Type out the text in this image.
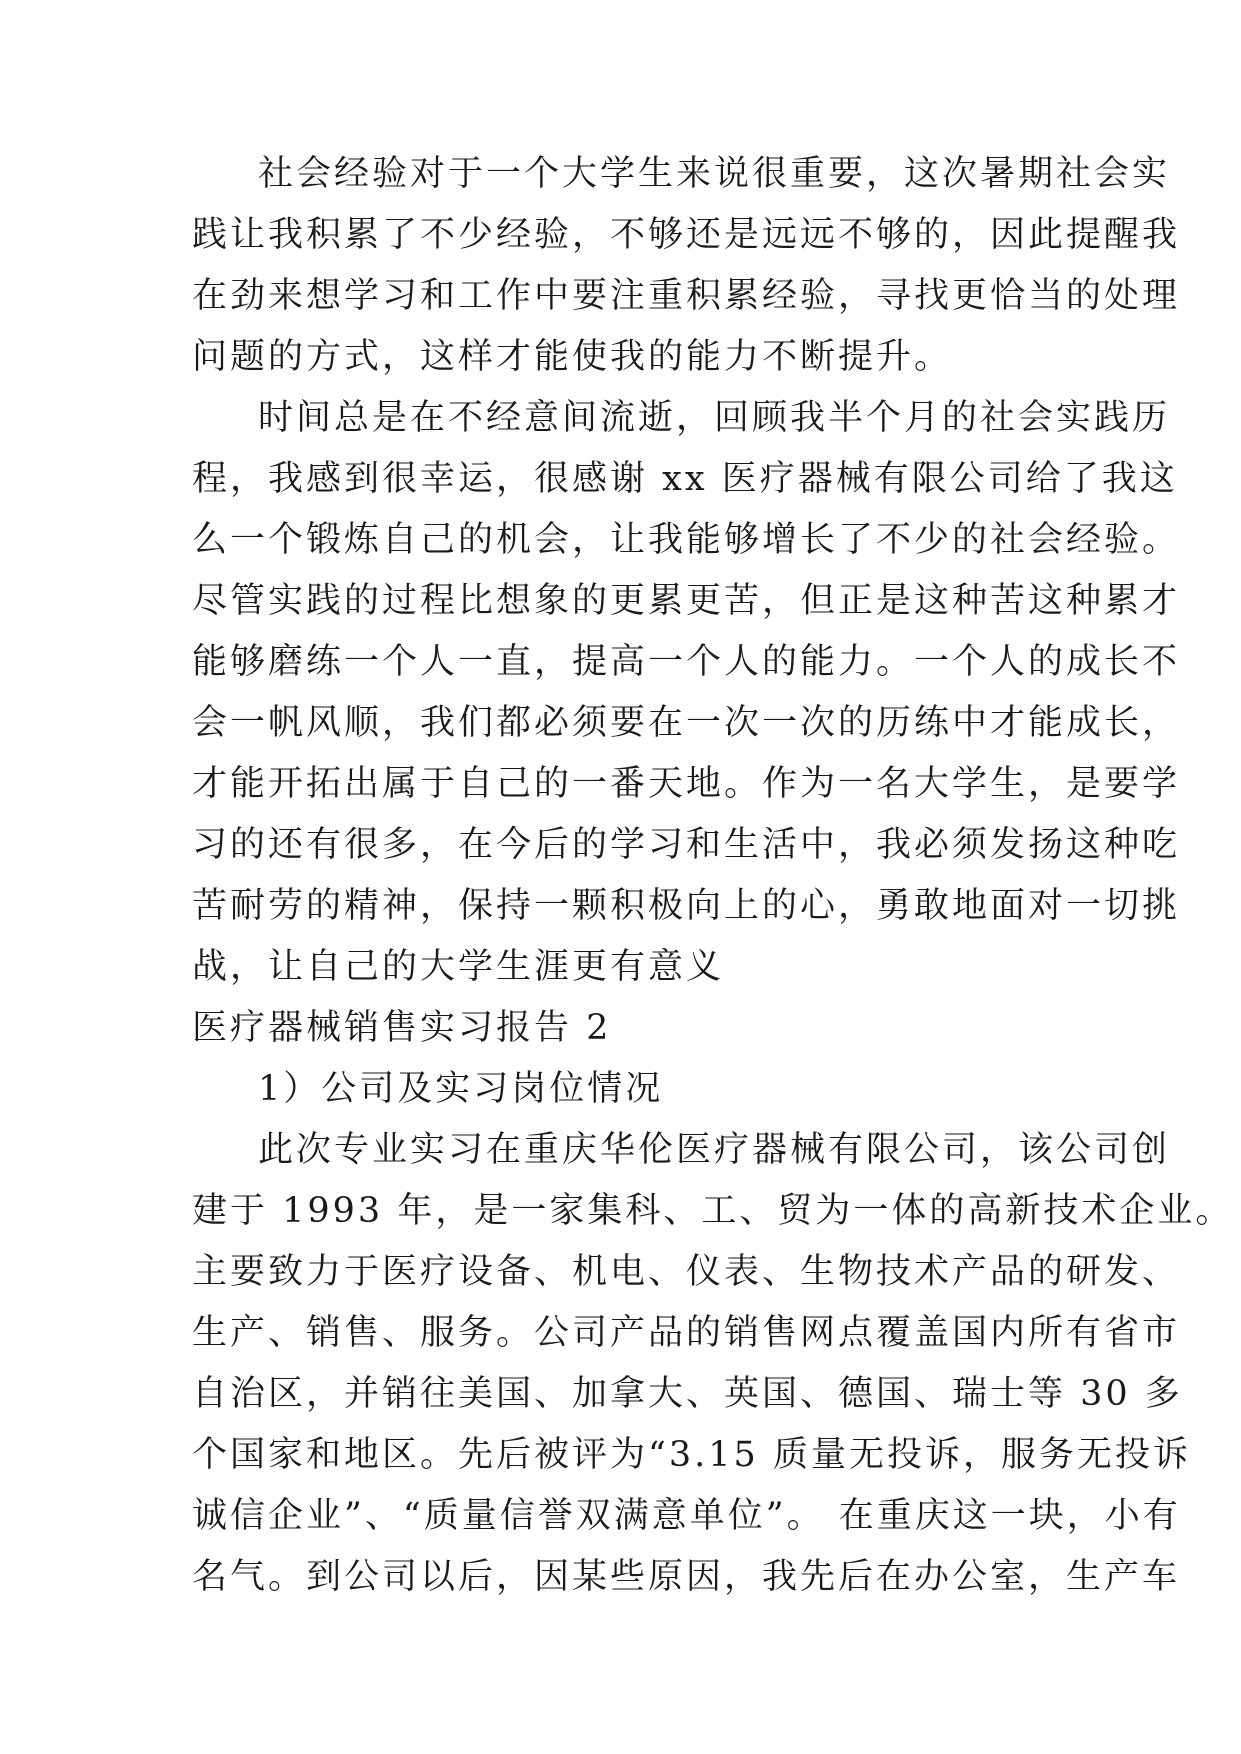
社会经验对于一个大学生来说很重要，这次暑期社会实
践让我积累了不少经验，不够还是远远不够的，因此提醒我
在劲来想学习和工作中要注重积累经验，寻找更恰当的处理
问题的方式，这样才能使我的能力不断提升。
时间总是在不经意间流逝，回顾我半个月的社会实践历
程，我感到很幸运，很感谢 xx 医疗器械有限公司给了我这
么一个锻炼自己的机会，让我能够增长了不少的社会经验。
尽管实践的过程比想象的更累更苦，但正是这种苦这种累才
能够磨练一个人一直，提高一个人的能力。一个人的成长不
会一帆风顺，我们都必须要在一次一次的历练中才能成长，
才能开拓出属于自己的一番天地。作为一名大学生，是要学
习的还有很多，在今后的学习和生活中，我必须发扬这种吃
苦耐劳的精神，保持一颗积极向上的心，勇敢地面对一切挑
战，让自己的大学生涯更有意义
医疗器械销售实习报告 2
1）公司及实习岗位情况
此次专业实习在重庆华伦医疗器械有限公司，该公司创
建于 1993 年，是一家集科、工、贸为一体的高新技术企业。
主要致力于医疗设备、机电、仪表、生物技术产品的研发、
生产、销售、服务。公司产品的销售网点覆盖国内所有省市
自治区，并销往美国、加拿大、英国、德国、瑞士等 30 多
个国家和地区。先后被评为“3.15 质量无投诉，服务无投诉
诚信企业”、“质量信誉双满意单位”。 在重庆这一块，小有
名气。到公司以后，因某些原因，我先后在办公室，生产车
